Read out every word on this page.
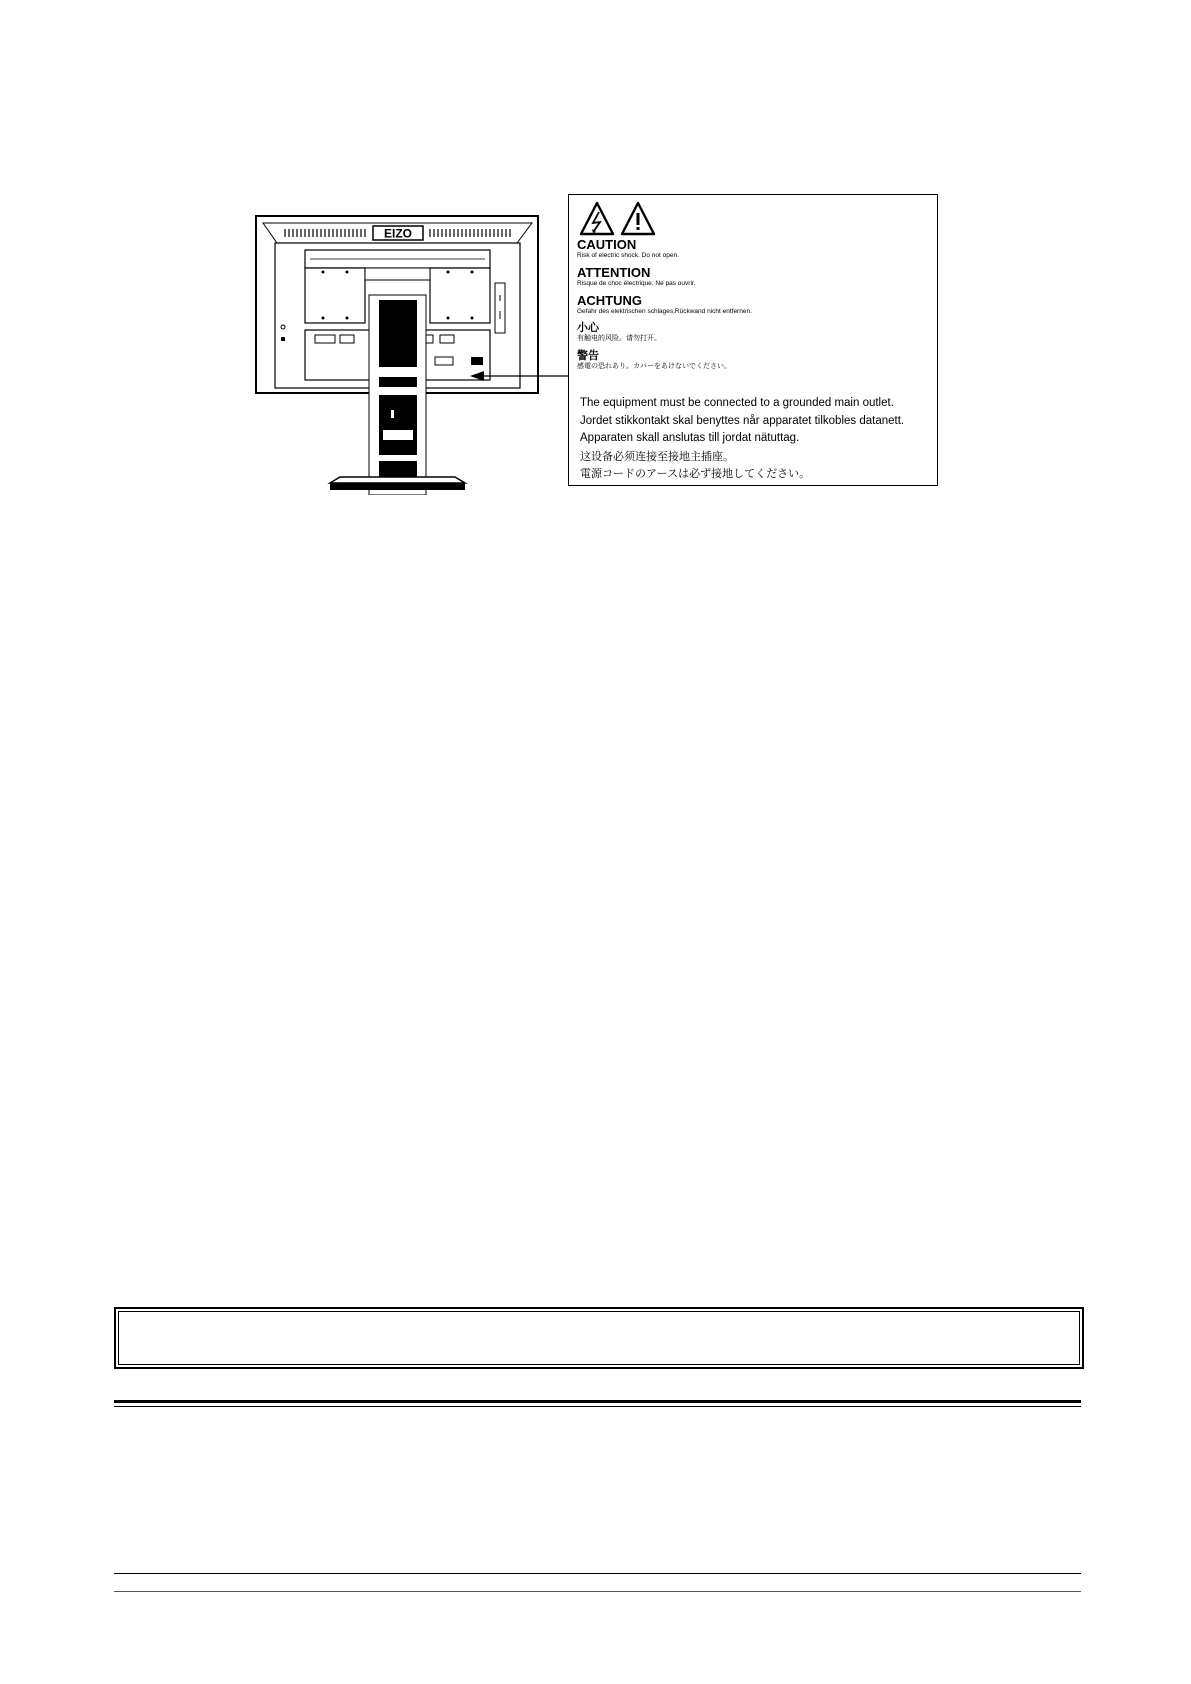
EIZO
CAUTION
Risk of electric shock. Do not open.
ATTENTION
Risque de choc électrique. Ne pas ouvrir.
ACHTUNG
Gefahr des elektrischen schlages,Rückwand nicht entfernen.
小心
有触电的风险。请勿打开。
警告
感電の恐れあり。カバーをあけないでください。
The equipment must be connected to a grounded main outlet.
Jordet stikkontakt skal benyttes når apparatet tilkobles datanett.
Apparaten skall anslutas till jordat nätuttag.
这设备必须连接至接地主插座。
電源コードのアースは必ず接地してください。
